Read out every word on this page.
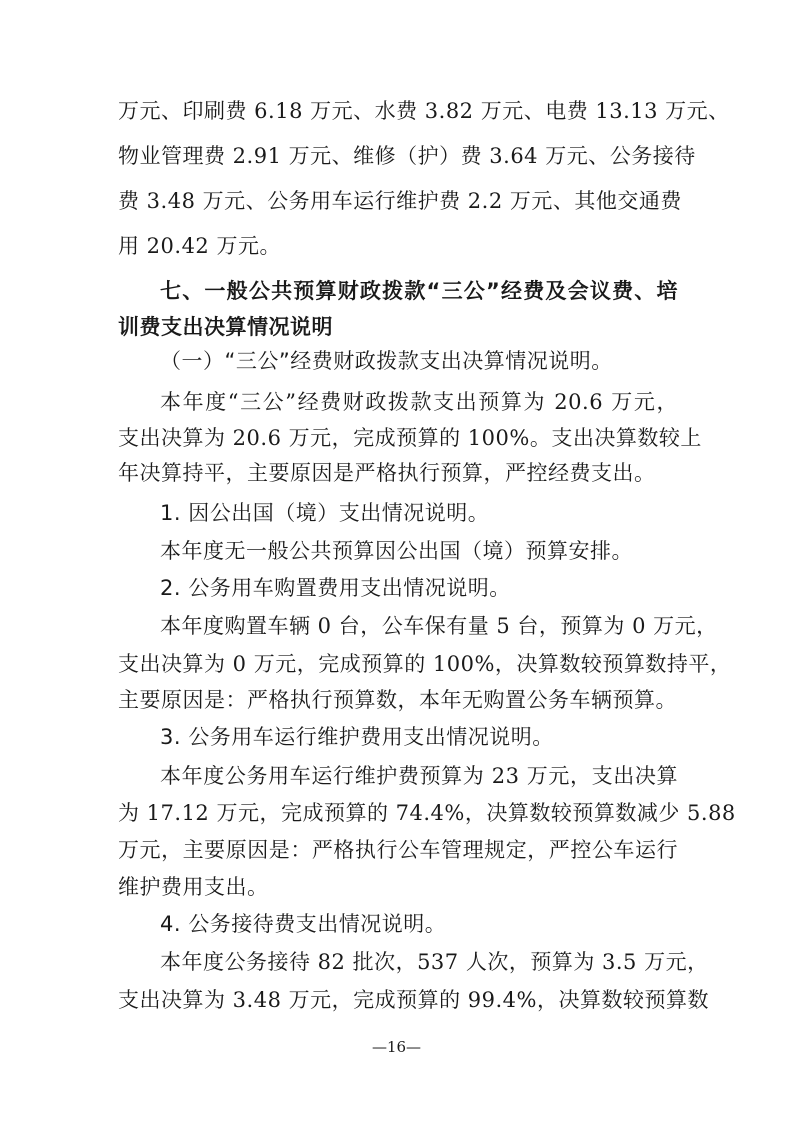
万元、印刷费 6.18 万元、水费 3.82 万元、电费 13.13 万元、
物业管理费 2.91 万元、维修（护）费 3.64 万元、公务接待
费 3.48 万元、公务用车运行维护费 2.2 万元、其他交通费
用 20.42 万元。
七、一般公共预算财政拨款“三公”经费及会议费、培
训费支出决算情况说明
（一）“三公”经费财政拨款支出决算情况说明。
本年度“三公”经费财政拨款支出预算为 20.6 万元，
支出决算为 20.6 万元，完成预算的 100%。支出决算数较上
年决算持平，主要原因是严格执行预算，严控经费支出。
1. 因公出国（境）支出情况说明。
本年度无一般公共预算因公出国（境）预算安排。
2. 公务用车购置费用支出情况说明。
本年度购置车辆 0 台，公车保有量 5 台，预算为 0 万元，
支出决算为 0 万元，完成预算的 100%，决算数较预算数持平，
主要原因是：严格执行预算数，本年无购置公务车辆预算。
3. 公务用车运行维护费用支出情况说明。
本年度公务用车运行维护费预算为 23 万元，支出决算
为 17.12 万元，完成预算的 74.4%，决算数较预算数减少 5.88
万元，主要原因是：严格执行公车管理规定，严控公车运行
维护费用支出。
4. 公务接待费支出情况说明。
本年度公务接待 82 批次，537 人次，预算为 3.5 万元，
支出决算为 3.48 万元，完成预算的 99.4%，决算数较预算数
—16—
